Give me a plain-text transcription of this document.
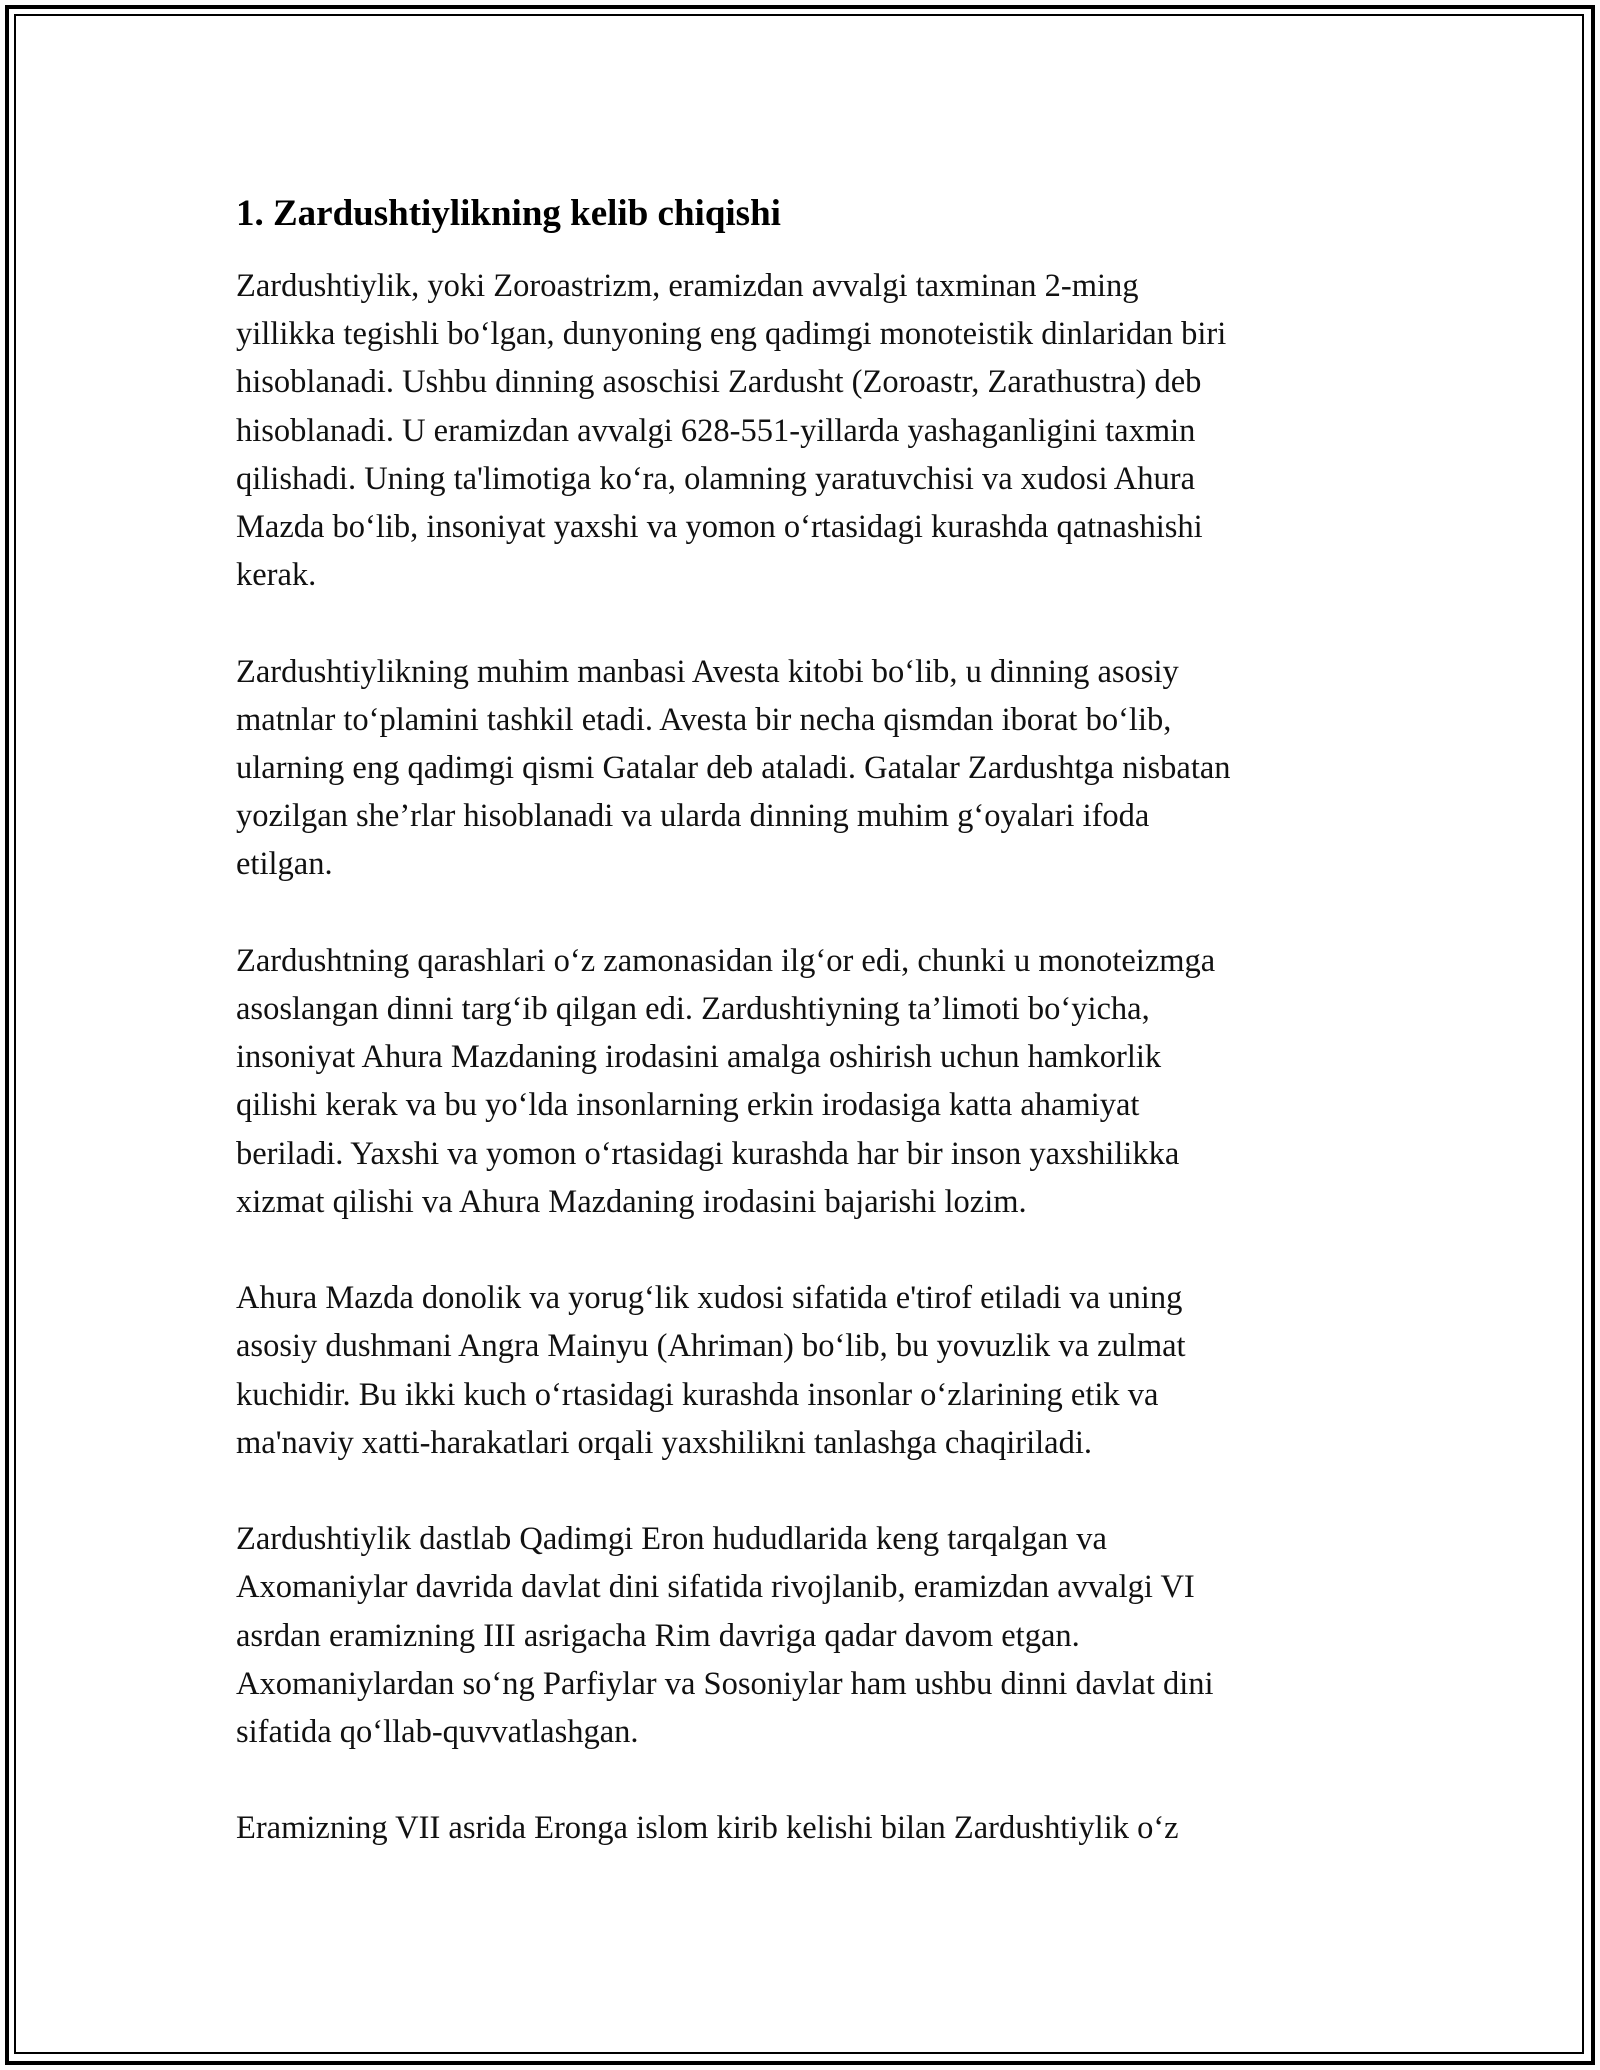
1. Zardushtiylikning kelib chiqishi

Zardushtiylik, yoki Zoroastrizm, eramizdan avvalgi taxminan 2-ming
yillikka tegishli bo‘lgan, dunyoning eng qadimgi monoteistik dinlaridan biri
hisoblanadi. Ushbu dinning asoschisi Zardusht (Zoroastr, Zarathustra) deb
hisoblanadi. U eramizdan avvalgi 628-551-yillarda yashaganligini taxmin
qilishadi. Uning ta'limotiga ko‘ra, olamning yaratuvchisi va xudosi Ahura
Mazda bo‘lib, insoniyat yaxshi va yomon o‘rtasidagi kurashda qatnashishi
kerak.

Zardushtiylikning muhim manbasi Avesta kitobi bo‘lib, u dinning asosiy
matnlar to‘plamini tashkil etadi. Avesta bir necha qismdan iborat bo‘lib,
ularning eng qadimgi qismi Gatalar deb ataladi. Gatalar Zardushtga nisbatan
yozilgan she’rlar hisoblanadi va ularda dinning muhim g‘oyalari ifoda
etilgan.

Zardushtning qarashlari o‘z zamonasidan ilg‘or edi, chunki u monoteizmga
asoslangan dinni targ‘ib qilgan edi. Zardushtiyning ta’limoti bo‘yicha,
insoniyat Ahura Mazdaning irodasini amalga oshirish uchun hamkorlik
qilishi kerak va bu yo‘lda insonlarning erkin irodasiga katta ahamiyat
beriladi. Yaxshi va yomon o‘rtasidagi kurashda har bir inson yaxshilikka
xizmat qilishi va Ahura Mazdaning irodasini bajarishi lozim.

Ahura Mazda donolik va yorug‘lik xudosi sifatida e'tirof etiladi va uning
asosiy dushmani Angra Mainyu (Ahriman) bo‘lib, bu yovuzlik va zulmat
kuchidir. Bu ikki kuch o‘rtasidagi kurashda insonlar o‘zlarining etik va
ma'naviy xatti-harakatlari orqali yaxshilikni tanlashga chaqiriladi.

Zardushtiylik dastlab Qadimgi Eron hududlarida keng tarqalgan va
Axomaniylar davrida davlat dini sifatida rivojlanib, eramizdan avvalgi VI
asrdan eramizning III asrigacha Rim davriga qadar davom etgan.
Axomaniylardan so‘ng Parfiylar va Sosoniylar ham ushbu dinni davlat dini
sifatida qo‘llab-quvvatlashgan.

Eramizning VII asrida Eronga islom kirib kelishi bilan Zardushtiylik o‘z
